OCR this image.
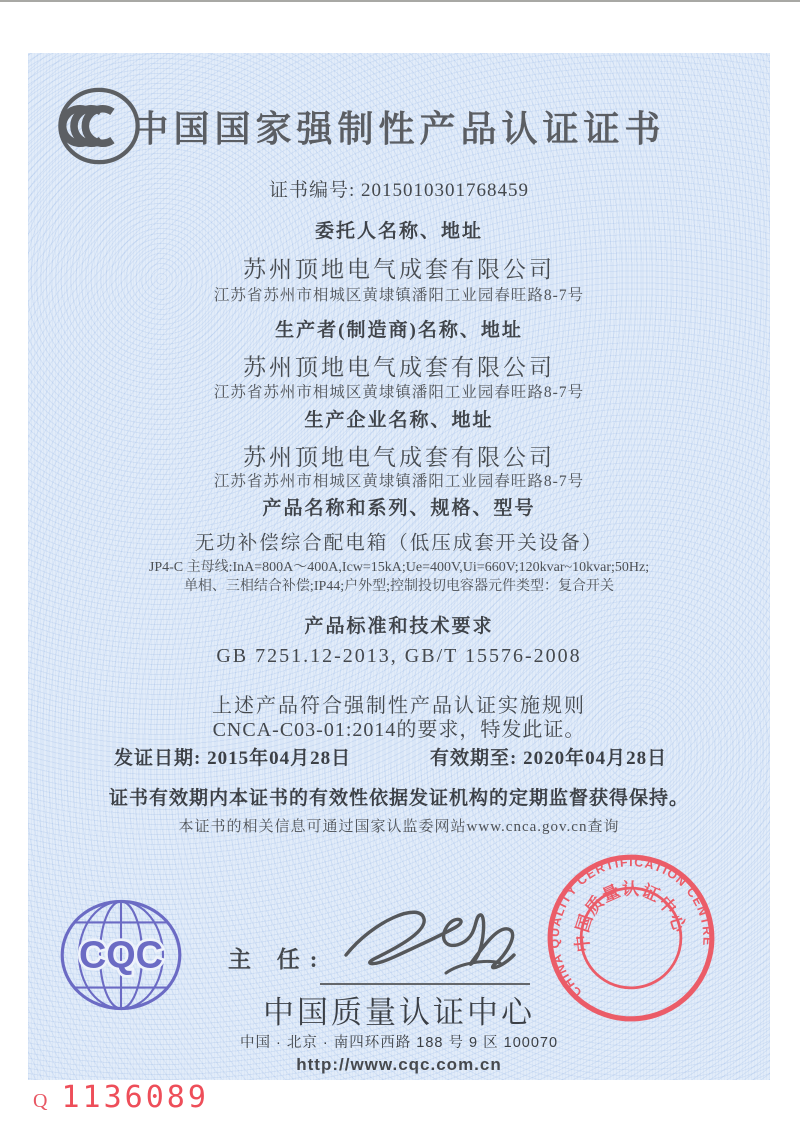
中国国家强制性产品认证证书
证书编号: 2015010301768459
委托人名称、地址
苏州顶地电气成套有限公司
江苏省苏州市相城区黄埭镇潘阳工业园春旺路8-7号
生产者(制造商)名称、地址
苏州顶地电气成套有限公司
江苏省苏州市相城区黄埭镇潘阳工业园春旺路8-7号
生产企业名称、地址
苏州顶地电气成套有限公司
江苏省苏州市相城区黄埭镇潘阳工业园春旺路8-7号
产品名称和系列、规格、型号
无功补偿综合配电箱（低压成套开关设备）
JP4-C 主母线:InA=800A～400A,Icw=15kA;Ue=400V,Ui=660V;120kvar~10kvar;50Hz;
单相、三相结合补偿;IP44;户外型;控制投切电容器元件类型：复合开关
产品标准和技术要求
GB 7251.12-2013, GB/T 15576-2008
上述产品符合强制性产品认证实施规则
CNCA-C03-01:2014的要求，特发此证。
发证日期: 2015年04月28日	有效期至: 2020年04月28日
证书有效期内本证书的有效性依据发证机构的定期监督获得保持。
本证书的相关信息可通过国家认监委网站www.cnca.gov.cn查询
CQC	主 任:
中国质量认证中心
中国 · 北京 · 南四环西路 188 号 9 区 100070
http://www.cqc.com.cn
CHINA QUALITY CERTIFICATION CENTRE
中国质量认证中心
Q 1136089
